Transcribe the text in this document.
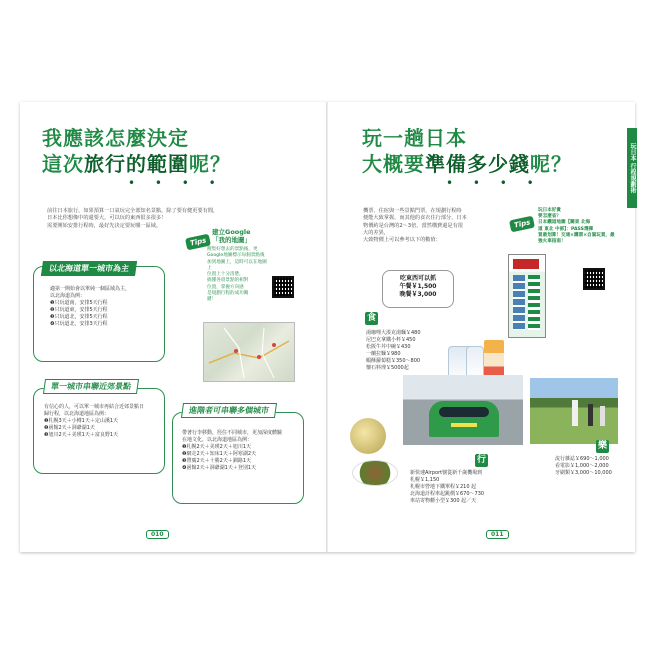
我應該怎麼決定
這次旅行的範圍呢？
• • • •
前往日本旅行，如果預算一口氣玩完全部知名景點，除了要有健更要有閒，
日本比你想像中的還要大，可以玩的東西很多很多！
需要開始安排行程時，最好先決定要玩哪一區域。
Tips
建立Google
「我的地圖」
搜集好想去的景點後，更
Google地圖標示每個景點後
加到地圖上，這時可以在地圖上
位置上十分清楚，
搞懂各項景點的相對
位置，掌握方向感
是規劃行程的成功關
鍵！
以北海道單一城市為主
適第一開始會以單純一個區域為主，
以北海道為例：
❶只玩道南，安排5天行程
❷只玩道東，安排5天行程
❸只玩道北，安排5天行程
❹只玩道北，安排3天行程
單一城市串聯近郊景點
有信心的人，可以單一城市再結合近郊景點日
歸行程，以北海道地區為例：
❶札幌3天＋小樽1天＋定山溪1天
❷函館2天＋洞爺湖1天
❸旭川2天＋美瑛1天＋富良野1天
進階者可串聯多個城市
帶著行李移動，徑住不同城市，更加深度體驗
在地文化，以北海道地區為例：
❶札幌2天＋美瑛2天＋旭川1天
❷網走2天＋知床1天＋阿寒湖2天
❸帶廣2天＋十勝2天＋釧路1天
❹函館2天＋洞爺湖1天＋登別1天
010
玩一趟日本
大概要準備多少錢呢？
• • • •	玩日本 行程規劃術
機票、住宿與一些景點門票，在規劃行程時
便能大致掌握，而其他的食衣住行部分，日本
物價約是台灣的2～3倍，當然構費還是有很
大的差異，
大致物價上可以參考以下的數值：
Tips
玩日本好貴
要怎麼省？
日本鐵道地圖【關東 北海
道 東北 中部】：PASS選擇
買最划算！交通×購票×自駕玩買，最
強火車指南！
吃東西可以抓
午餐￥1,500
晚餐￥3,000
食
湯咖哩大湊克湯麵￥480
尼巴克拿鐵小杯￥450
松阪牛丼中碗￥430
一蘭拉麵￥980
蝦酥蘿蔔糕￥350～800
懷石料理￥5000起
行
新快速Airport號從新千歲機場到
札幌￥1,150
札幌市營地下鐵單程￥210 起
北海道計程車起跳價￥670～730
車站寄物櫃小型￥300 起／天
樂
流行雜誌￥690～1,000
看電影￥1,000～2,000
牙刷類￥3,000～10,000
011
